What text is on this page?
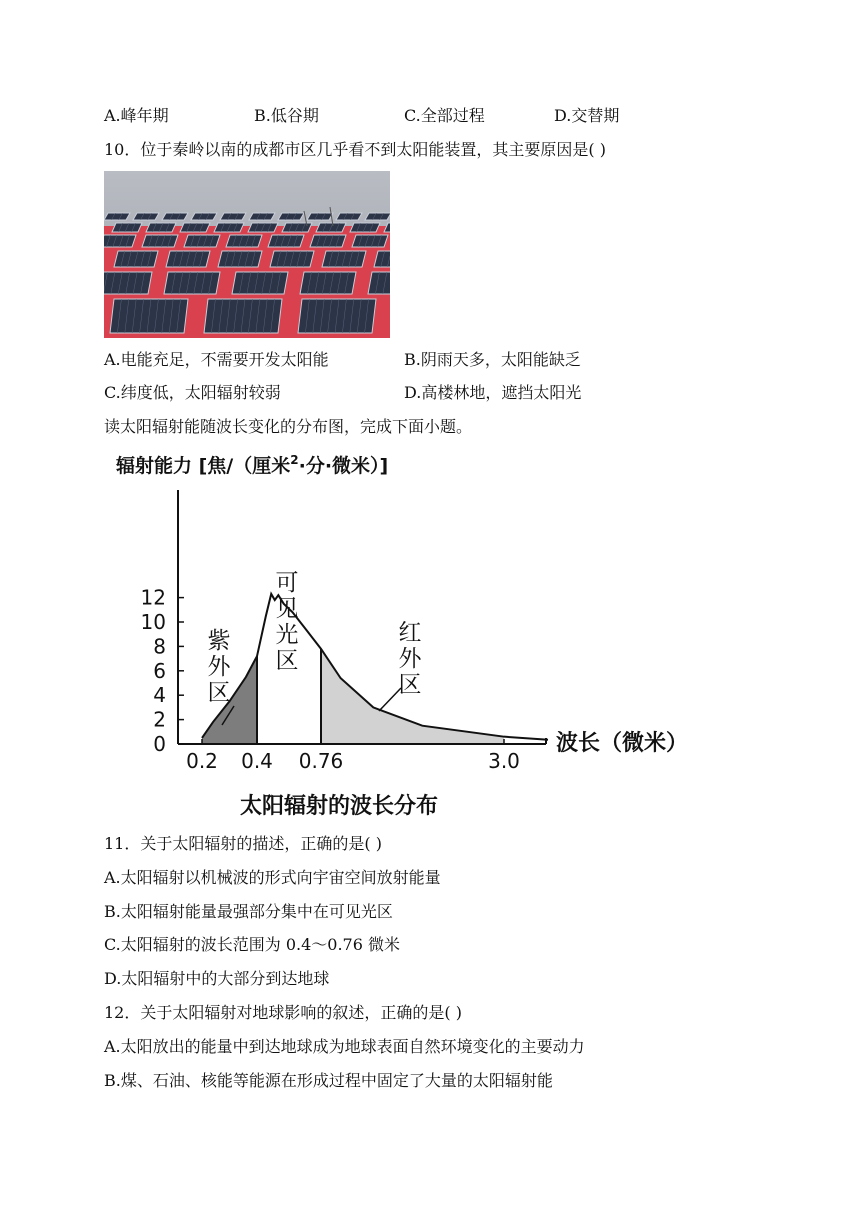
A.峰年期	B.低谷期	C.全部过程	D.交替期
10．位于秦岭以南的成都市区几乎看不到太阳能装置，其主要原因是( )
A.电能充足，不需要开发太阳能	B.阴雨天多，太阳能缺乏
C.纬度低，太阳辐射较弱	D.高楼林地，遮挡太阳光
读太阳辐射能随波长变化的分布图，完成下面小题。
辐射能力 [焦/（厘米$^2$·分·微米）]
0
2
4
6
8
10
12
0.2 0.4 0.76	3.0
紫
外
区
可
见
光
区
红
外
区
波长（微米）
太阳辐射的波长分布
11．关于太阳辐射的描述，正确的是( )
A.太阳辐射以机械波的形式向宇宙空间放射能量
B.太阳辐射能量最强部分集中在可见光区
C.太阳辐射的波长范围为 0.4～0.76 微米
D.太阳辐射中的大部分到达地球
12．关于太阳辐射对地球影响的叙述，正确的是( )
A.太阳放出的能量中到达地球成为地球表面自然环境变化的主要动力
B.煤、石油、核能等能源在形成过程中固定了大量的太阳辐射能
